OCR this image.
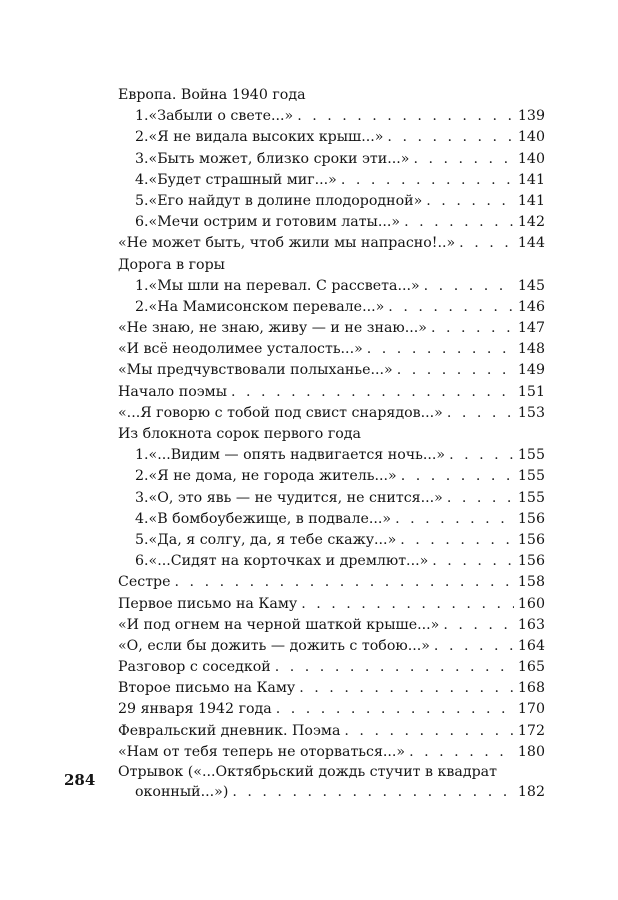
Европа. Война 1940 года
1. «Забыли о свете...» . . .	139
2. «Я не видала высоких крыш...» . . .	140
3. «Быть может, близко сроки эти...» . . .	140
4. «Будет страшный миг...» . . .	141
5. «Его найдут в долине плодородной» . . .	141
6. «Мечи острим и готовим латы...» . . .	142
«Не может быть, чтоб жили мы напрасно!..» . . .	144
Дорога в горы
1. «Мы шли на перевал. С рассвета...» . . .	145
2. «На Мамисонском перевале...» . . .	146
«Не знаю, не знаю, живу — и не знаю...» . . .	147
«И всё неодолимее усталость...» . . .	148
«Мы предчувствовали полыханье...» . . .	149
Начало поэмы . . .	151
«...Я говорю с тобой под свист снарядов...» . . .	153
Из блокнота сорок первого года
1. «...Видим — опять надвигается ночь...» . . .	155
2. «Я не дома, не города житель...» . . .	155
3. «О, это явь — не чудится, не снится...» . . .	155
4. «В бомбоубежище, в подвале...» . . .	156
5. «Да, я солгу, да, я тебе скажу...» . . .	156
6. «...Сидят на корточках и дремлют...» . . .	156
Сестре . . .	158
Первое письмо на Каму . . .	160
«И под огнем на черной шаткой крыше...» . . .	163
«О, если бы дожить — дожить с тобою...» . . .	164
Разговор с соседкой . . .	165
Второе письмо на Каму . . .	168
29 января 1942 года . . .	170
Февральский дневник. Поэма . . .	172
«Нам от тебя теперь не оторваться...» . . .	180
Отрывок («...Октябрьский дождь стучит в квадрат
оконный...») . . .	182
284
